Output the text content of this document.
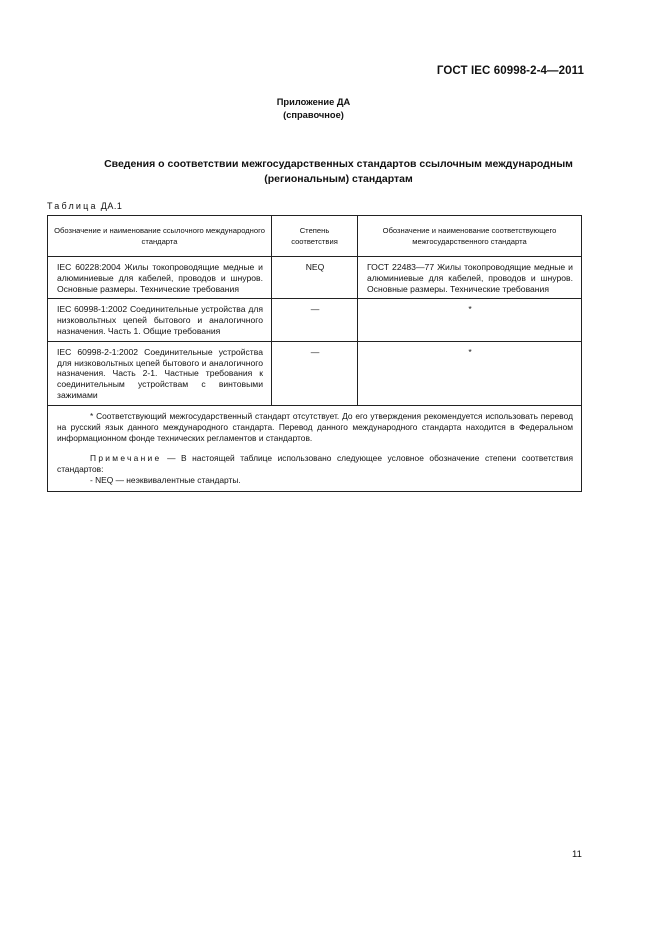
ГОСТ IEC 60998-2-4—2011
Приложение ДА
(справочное)
Сведения о соответствии межгосударственных стандартов ссылочным международным
(региональным) стандартам
Таблица ДА.1
Обозначение и наименование ссылочного международного стандарта	Степень соответствия	Обозначение и наименование соответствующего межгосударственного стандарта
IEC 60228:2004 Жилы токопроводящие медные и алюминиевые для кабелей, проводов и шнуров. Основные размеры. Технические требования	NEQ	ГОСТ 22483—77 Жилы токопроводящие медные и алюминиевые для кабелей, проводов и шнуров. Основные размеры. Технические требования
IEC 60998-1:2002 Соединительные устройства для низковольтных цепей бытового и аналогичного назначения. Часть 1. Общие требования	—	*
IEC 60998-2-1:2002 Соединительные устройства для низковольтных цепей бытового и аналогичного назначения. Часть 2-1. Частные требования к соединительным устройствам с винтовыми зажимами	—	*

* Соответствующий межгосударственный стандарт отсутствует. До его утверждения рекомендуется использовать перевод на русский язык данного международного стандарта. Перевод данного международного стандарта находится в Федеральном информационном фонде технических регламентов и стандартов.

Примечание — В настоящей таблице использовано следующее условное обозначение степени соответствия стандартов:

- NEQ — неэквивалентные стандарты.		

11
